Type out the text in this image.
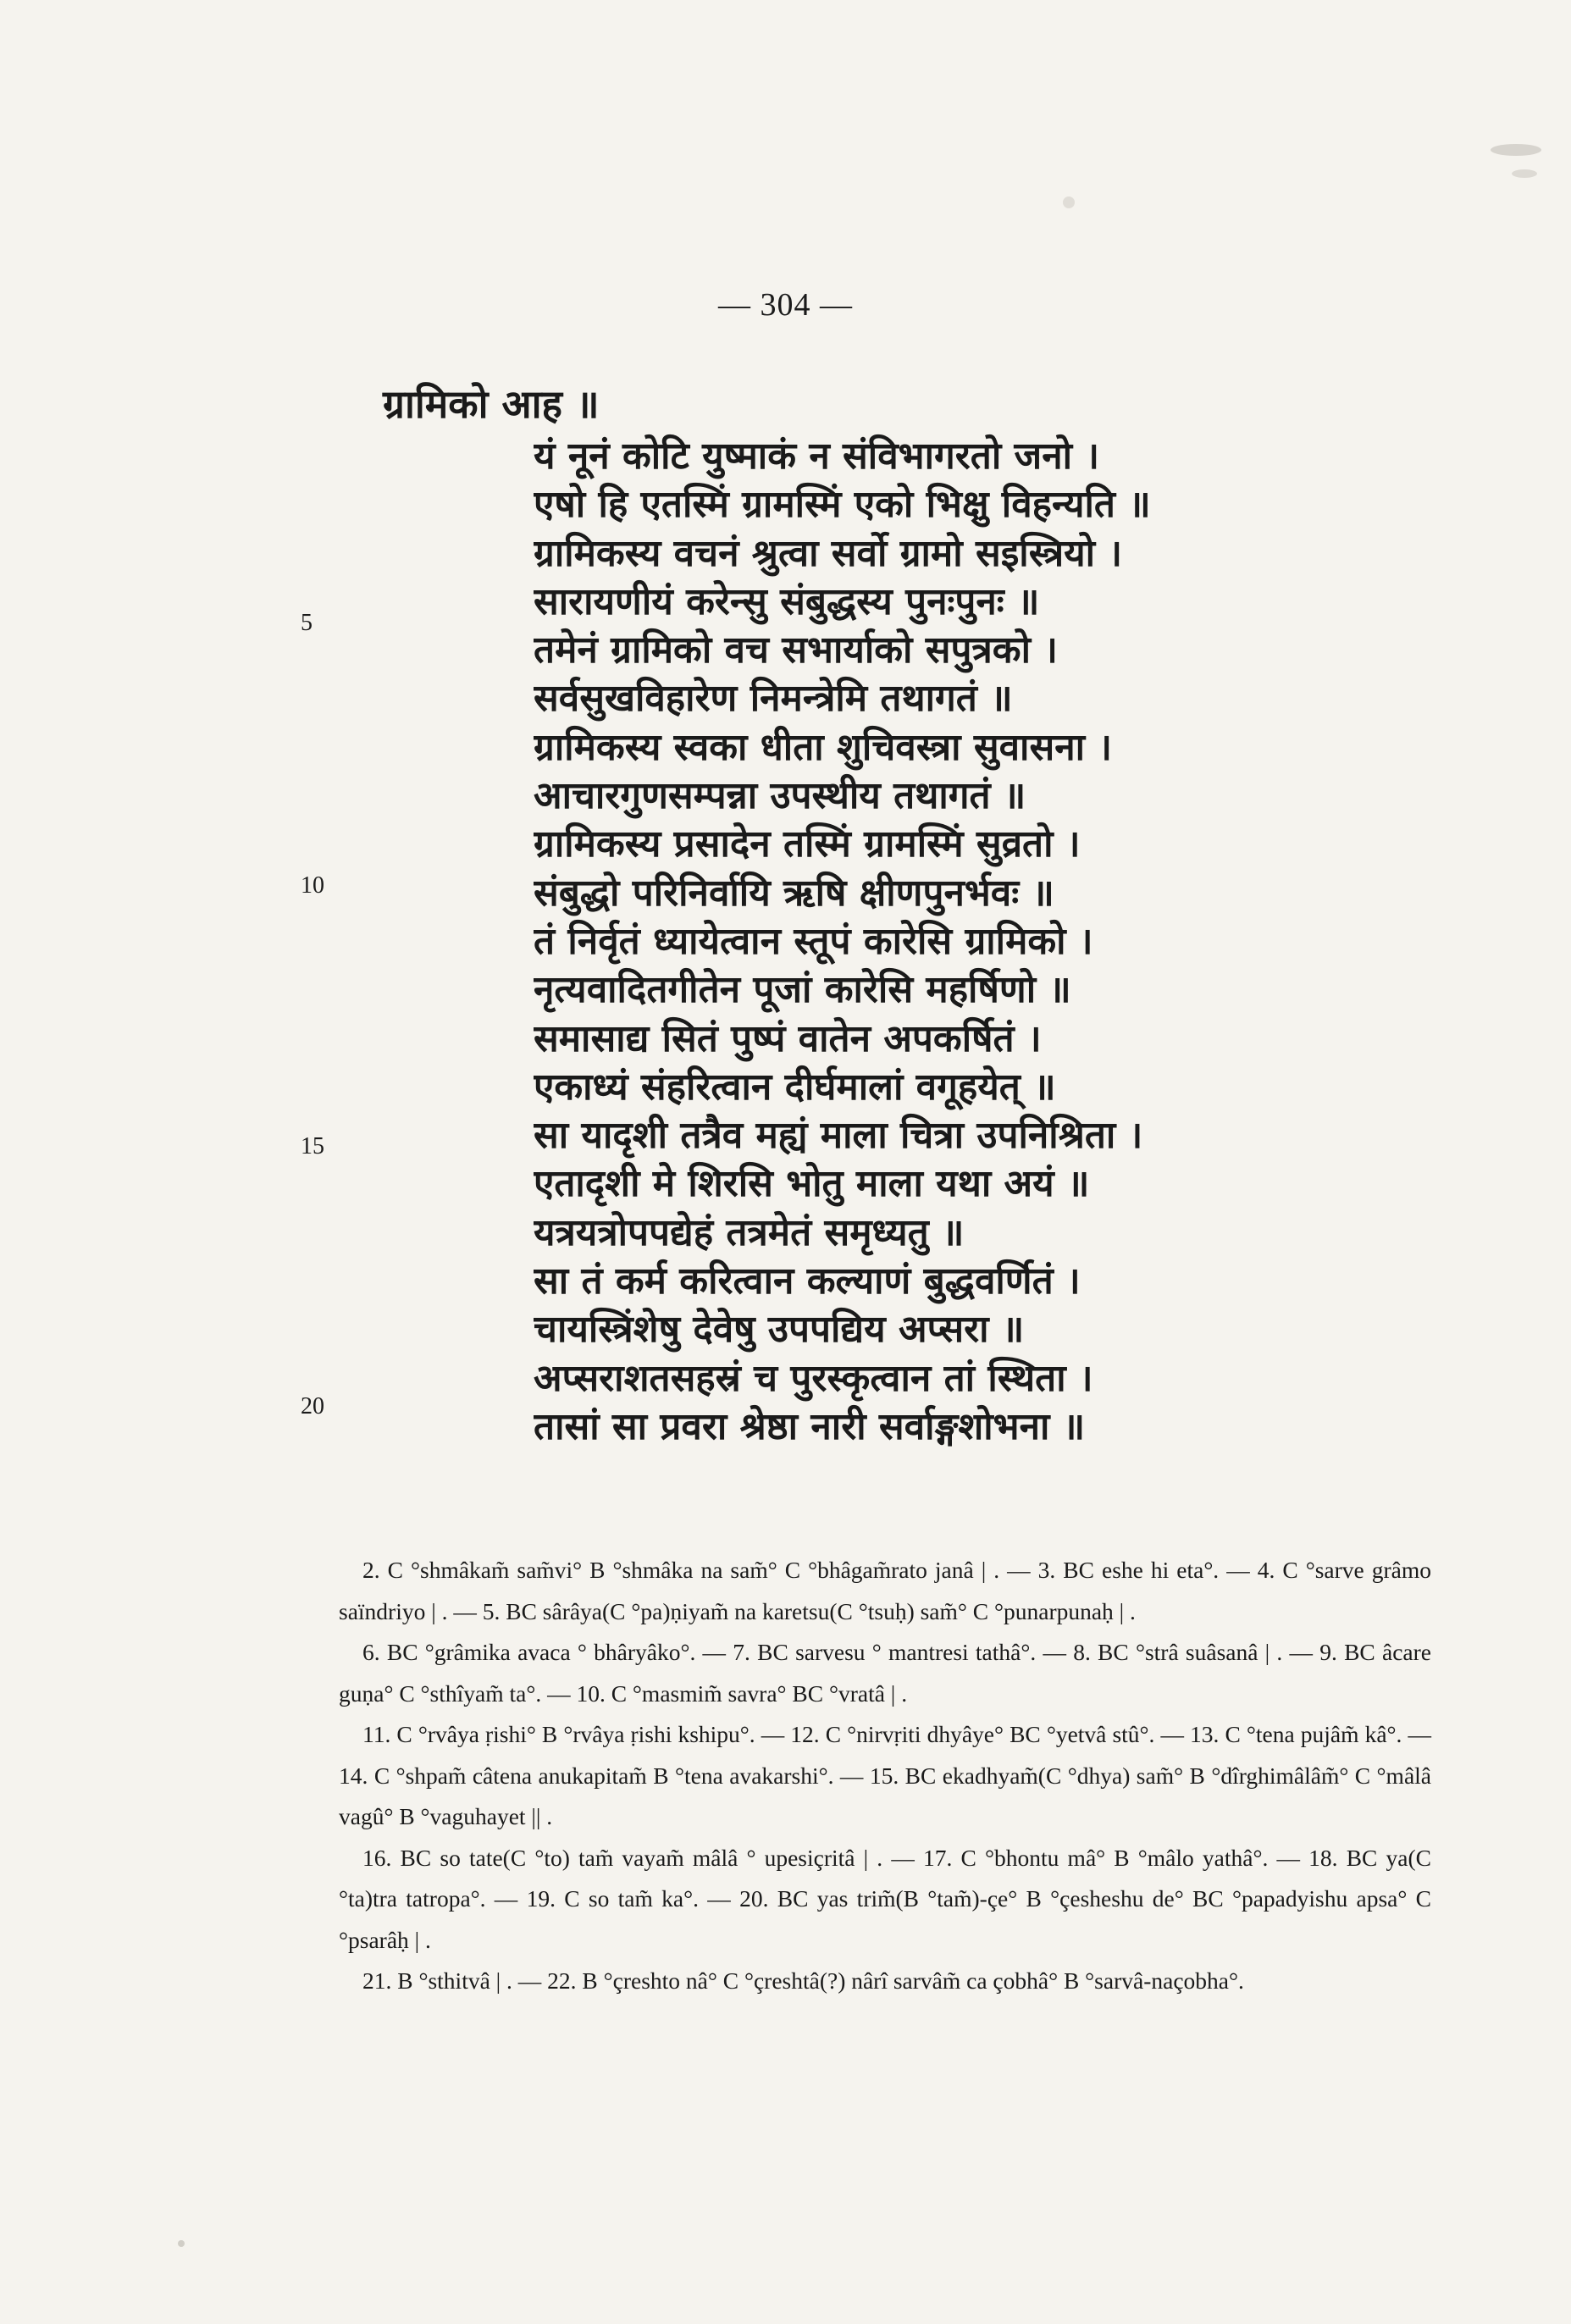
— 304 —
ग्रामिको आह ॥
यं नूनं कोटि युष्माकं न संविभागरतो जनो ।
एषो हि एतस्मिं ग्रामस्मिं एको भिक्षु विहन्यति ॥
ग्रामिकस्य वचनं श्रुत्वा सर्वो ग्रामो सइस्त्रियो ।
सारायणीयं करेन्सु संबुद्धस्य पुनःपुनः ॥
तमेनं ग्रामिको वच सभार्याको सपुत्रको ।
सर्वसुखविहारेण निमन्त्रेमि तथागतं ॥
ग्रामिकस्य स्वका धीता शुचिवस्त्रा सुवासना ।
आचारगुणसम्पन्ना उपस्थीय तथागतं ॥
ग्रामिकस्य प्रसादेन तस्मिं ग्रामस्मिं सुव्रतो ।
संबुद्धो परिनिर्वायि ऋषि क्षीणपुनर्भवः ॥
तं निर्वृतं ध्यायेत्वान स्तूपं कारेसि ग्रामिको ।
नृत्यवादितगीतेन पूजां कारेसि महर्षिणो ॥
समासाद्य सितं पुष्पं वातेन अपकर्षितं ।
एकाध्यं संहरित्वान दीर्घमालां वगूहयेत् ॥
सा यादृशी तत्रैव मह्यं माला चित्रा उपनिश्रिता ।
एतादृशी मे शिरसि भोतु माला यथा अयं ॥
यत्रयत्रोपपद्येहं तत्रमेतं समृध्यतु ॥
सा तं कर्म करित्वान कल्याणं बुद्धवर्णितं ।
चायस्त्रिंशेषु देवेषु उपपद्यिय अप्सरा ॥
अप्सराशतसहस्रं च पुरस्कृत्वान तां स्थिता ।
तासां सा प्रवरा श्रेष्ठा नारी सर्वाङ्गशोभना ॥
5
10
15
20

2. C °shmâkam̃ sam̃vi° B °shmâka na sam̃° C °bhâgam̃rato janâ | . — 3. BC eshe hi eta°. — 4. C °sarve grâmo saïndriyo | . — 5. BC sârâya(C °pa)ṇiyam̃ na karetsu(C °tsuḥ) sam̃° C °punarpunaḥ | .

6. BC °grâmika avaca ° bhâryâko°. — 7. BC sarvesu ° mantresi tathâ°. — 8. BC °strâ suâsanâ | . — 9. BC âcare guṇa° C °sthîyam̃ ta°. — 10. C °masmim̃ savra° BC °vratâ | .

11. C °rvâya ṛishi° B °rvâya ṛishi kshipu°. — 12. C °nirvṛiti dhyâye° BC °yetvâ stû°. — 13. C °tena pujâm̃ kâ°. — 14. C °shpam̃ câtena anukapitam̃ B °tena avakarshi°. — 15. BC ekadhyam̃(C °dhya) sam̃° B °dîrghimâlâm̃° C °mâlâ vagû° B °vaguhayet || .

16. BC so tate(C °to) tam̃ vayam̃ mâlâ ° upesiçritâ | . — 17. C °bhontu mâ° B °mâlo yathâ°. — 18. BC ya(C °ta)tra tatropa°. — 19. C so tam̃ ka°. — 20. BC yas trim̃(B °tam̃)-çe° B °çesheshu de° BC °papadyishu apsa° C °psarâḥ | .

21. B °sthitvâ | . — 22. B °çreshto nâ° C °çreshtâ(?) nârî sarvâm̃ ca çobhâ° B °sarvâ-naçobha°.
